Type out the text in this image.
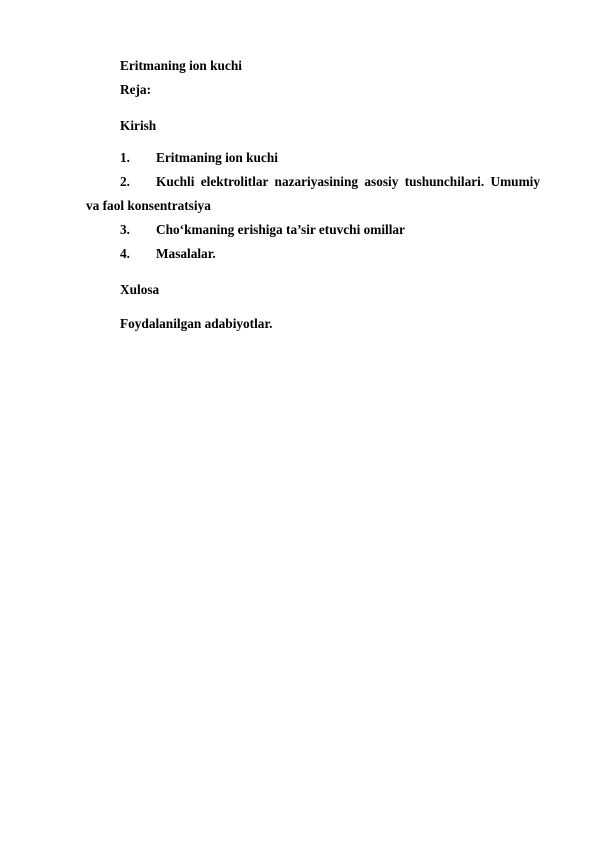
Eritmaning ion kuchi
Reja:
Kirish
1. Eritmaning ion kuchi
2. Kuchli elektrolitlar nazariyasining asosiy tushunchilari. Umumiy
va faol konsentratsiya
3. Cho‘kmaning erishiga ta’sir etuvchi omillar
4. Masalalar.
Xulosa
Foydalanilgan adabiyotlar.
